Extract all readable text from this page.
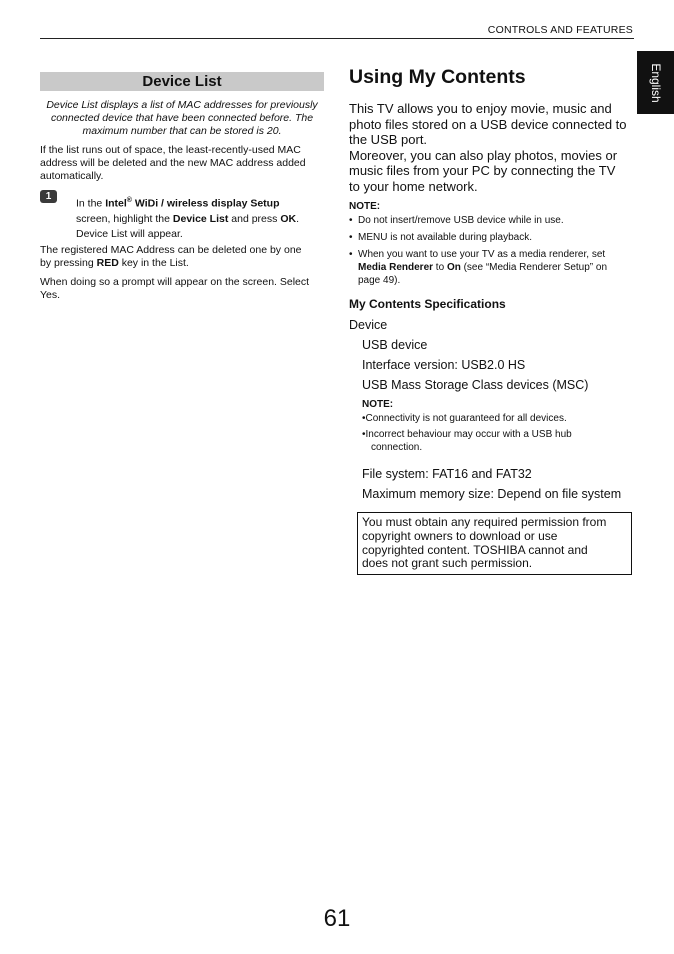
CONTROLS AND FEATURES
English
Device List
Device List displays a list of MAC addresses for previously
connected device that have been connected before. The
maximum number that can be stored is 20.
If the list runs out of space, the least-recently-used MAC
address will be deleted and the new MAC address added
automatically.
1
In the Intel® WiDi / wireless display Setup
screen, highlight the Device List and press OK.
Device List will appear.
The registered MAC Address can be deleted one by one
by pressing RED key in the List.
When doing so a prompt will appear on the screen. Select
Yes.
Using My Contents
This TV allows you to enjoy movie, music and
photo files stored on a USB device connected to
the USB port.
Moreover, you can also play photos, movies or
music files from your PC by connecting the TV
to your home network.
NOTE:
• Do not insert/remove USB device while in use.
• MENU is not available during playback.
• When you want to use your TV as a media renderer, set
Media Renderer to On (see “Media Renderer Setup” on
page 49).
My Contents Specifications
Device
USB device
Interface version: USB2.0 HS
USB Mass Storage Class devices (MSC)
NOTE:
•Connectivity is not guaranteed for all devices.
•Incorrect behaviour may occur with a USB hub
connection.
File system: FAT16 and FAT32
Maximum memory size: Depend on file system
You must obtain any required permission from
copyright owners to download or use
copyrighted content. TOSHIBA cannot and
does not grant such permission.
61
